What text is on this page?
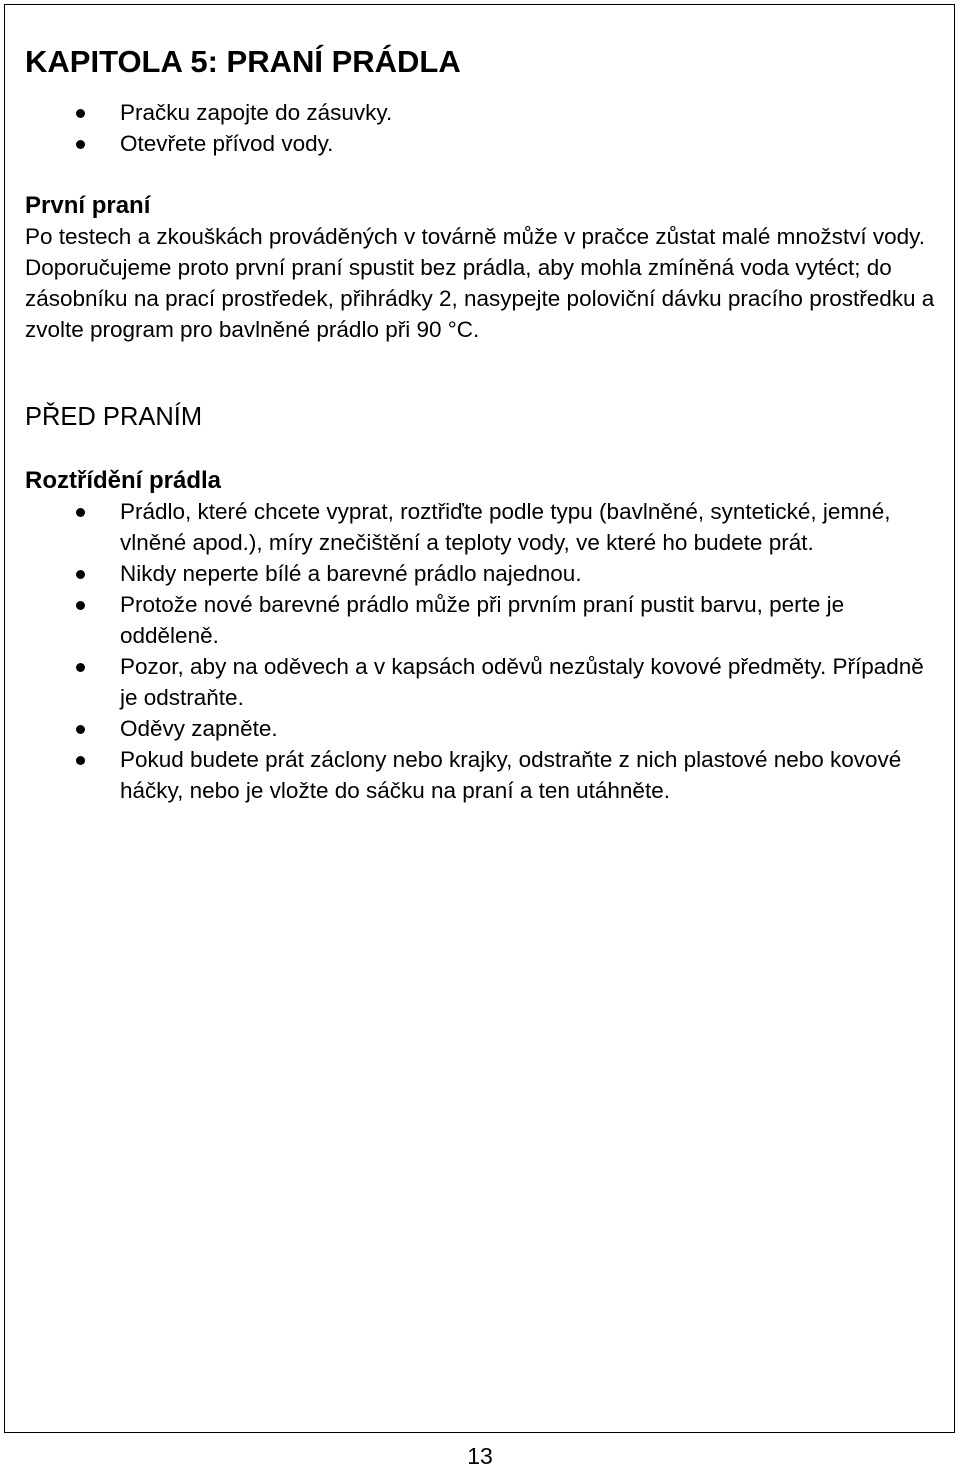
KAPITOLA 5: PRANÍ PRÁDLA
Pračku zapojte do zásuvky.
Otevřete přívod vody.
První praní

Po testech a zkouškách prováděných v továrně může v pračce zůstat malé množství vody. Doporučujeme proto první praní spustit bez prádla, aby mohla zmíněná voda vytéct; do zásobníku na prací prostředek, přihrádky 2, nasypejte poloviční dávku pracího prostředku a zvolte program pro bavlněné prádlo při 90 °C.

PŘED PRANÍM
Roztřídění prádla
Prádlo, které chcete vyprat, roztřiďte podle typu (bavlněné, syntetické, jemné, vlněné apod.), míry znečištění a teploty vody, ve které ho budete prát.
Nikdy neperte bílé a barevné prádlo najednou.
Protože nové barevné prádlo může při prvním praní pustit barvu, perte je odděleně.
Pozor, aby na oděvech a v kapsách oděvů nezůstaly kovové předměty. Případně je odstraňte.
Oděvy zapněte.
Pokud budete prát záclony nebo krajky, odstraňte z nich plastové nebo kovové háčky, nebo je vložte do sáčku na praní a ten utáhněte.
13
